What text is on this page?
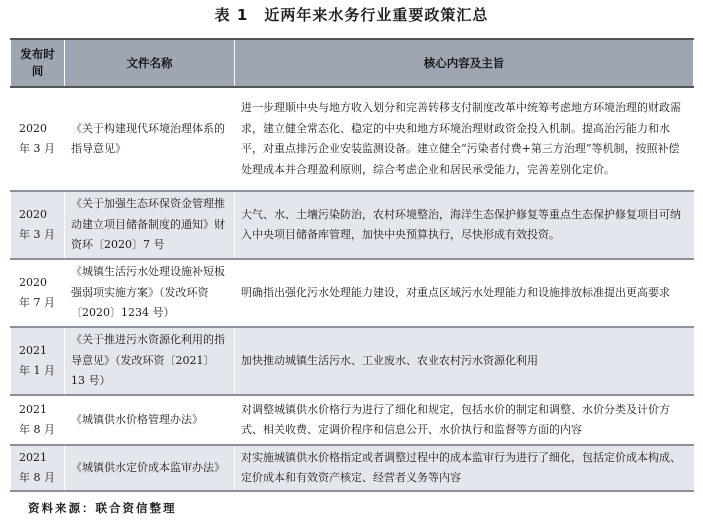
表 1　近两年来水务行业重要政策汇总
发布时间	文件名称	核心内容及主旨
2020 年 3 月	《关于构建现代环境治理体系的指导意见》	进一步理顺中央与地方收入划分和完善转移支付制度改革中统筹考虑地方环境治理的财政需求，建立健全常态化、稳定的中央和地方环境治理财政资金投入机制。提高治污能力和水平，对重点排污企业安装监测设备。建立健全“污染者付费+第三方治理”等机制，按照补偿处理成本并合理盈利原则，综合考虑企业和居民承受能力，完善差别化定价。
2020 年 3 月	《关于加强生态环保资金管理推动建立项目储备制度的通知》财资环〔2020〕7 号	大气、水、土壤污染防治，农村环境整治，海洋生态保护修复等重点生态保护修复项目可纳入中央项目储备库管理，加快中央预算执行，尽快形成有效投资。
2020 年 7 月	《城镇生活污水处理设施补短板强弱项实施方案》（发改环资〔2020〕1234 号）	明确指出强化污水处理能力建设，对重点区域污水处理能力和设施排放标准提出更高要求
2021 年 1 月	《关于推进污水资源化利用的指导意见》（发改环资〔2021〕13 号）	加快推动城镇生活污水、工业废水、农业农村污水资源化利用
2021 年 8 月	《城镇供水价格管理办法》	对调整城镇供水价格行为进行了细化和规定，包括水价的制定和调整、水价分类及计价方式、相关收费、定调价程序和信息公开、水价执行和监督等方面的内容
2021 年 8 月	《城镇供水定价成本监审办法》	对实施城镇供水价格指定或者调整过程中的成本监审行为进行了细化，包括定价成本构成、定价成本和有效资产核定、经营者义务等内容
资料来源：联合资信整理
